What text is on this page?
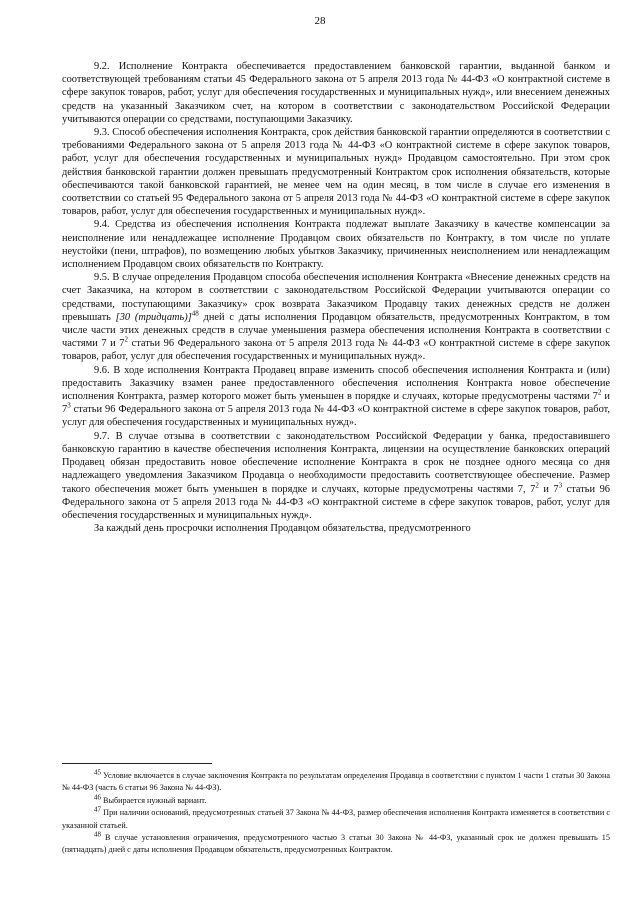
28

9.2. Исполнение Контракта обеспечивается предоставлением банковской гарантии, выданной банком и соответствующей требованиям статьи 45 Федерального закона от 5 апреля 2013 года № 44-ФЗ «О контрактной системе в сфере закупок товаров, работ, услуг для обеспечения государственных и муниципальных нужд», или внесением денежных средств на указанный Заказчиком счет, на котором в соответствии с законодательством Российской Федерации учитываются операции со средствами, поступающими Заказчику.

9.3. Способ обеспечения исполнения Контракта, срок действия банковской гарантии определяются в соответствии с требованиями Федерального закона от 5 апреля 2013 года № 44-ФЗ «О контрактной системе в сфере закупок товаров, работ, услуг для обеспечения государственных и муниципальных нужд» Продавцом самостоятельно. При этом срок действия банковской гарантии должен превышать предусмотренный Контрактом срок исполнения обязательств, которые обеспечиваются такой банковской гарантией, не менее чем на один месяц, в том числе в случае его изменения в соответствии со статьей 95 Федерального закона от 5 апреля 2013 года № 44-ФЗ «О контрактной системе в сфере закупок товаров, работ, услуг для обеспечения государственных и муниципальных нужд».

9.4. Средства из обеспечения исполнения Контракта подлежат выплате Заказчику в качестве компенсации за неисполнение или ненадлежащее исполнение Продавцом своих обязательств по Контракту, в том числе по уплате неустойки (пени, штрафов), по возмещению любых убытков Заказчику, причиненных неисполнением или ненадлежащим исполнением Продавцом своих обязательств по Контракту.

9.5. В случае определения Продавцом способа обеспечения исполнения Контракта «Внесение денежных средств на счет Заказчика, на котором в соответствии с законодательством Российской Федерации учитываются операции со средствами, поступающими Заказчику» срок возврата Заказчиком Продавцу таких денежных средств не должен превышать [30 (тридцать)]$^{48}$ дней с даты исполнения Продавцом обязательств, предусмотренных Контрактом, в том числе части этих денежных средств в случае уменьшения размера обеспечения исполнения Контракта в соответствии с частями 7 и $7^2$ статьи 96 Федерального закона от 5 апреля 2013 года № 44-ФЗ «О контрактной системе в сфере закупок товаров, работ, услуг для обеспечения государственных и муниципальных нужд».

9.6. В ходе исполнения Контракта Продавец вправе изменить способ обеспечения исполнения Контракта и (или) предоставить Заказчику взамен ранее предоставленного обеспечения исполнения Контракта новое обеспечение исполнения Контракта, размер которого может быть уменьшен в порядке и случаях, которые предусмотрены частями $7^2$ и $7^3$ статьи 96 Федерального закона от 5 апреля 2013 года № 44-ФЗ «О контрактной системе в сфере закупок товаров, работ, услуг для обеспечения государственных и муниципальных нужд».

9.7. В случае отзыва в соответствии с законодательством Российской Федерации у банка, предоставившего банковскую гарантию в качестве обеспечения исполнения Контракта, лицензии на осуществление банковских операций Продавец обязан предоставить новое обеспечение исполнение Контракта в срок не позднее одного месяца со дня надлежащего уведомления Заказчиком Продавца о необходимости предоставить соответствующее обеспечение. Размер такого обеспечения может быть уменьшен в порядке и случаях, которые предусмотрены частями 7, $7^2$ и $7^3$ статьи 96 Федерального закона от 5 апреля 2013 года № 44-ФЗ «О контрактной системе в сфере закупок товаров, работ, услуг для обеспечения государственных и муниципальных нужд».

За каждый день просрочки исполнения Продавцом обязательства, предусмотренного

$^{45}$ Условие включается в случае заключения Контракта по результатам определения Продавца в соответствии с пунктом 1 части 1 статьи 30 Закона № 44-ФЗ (часть 6 статьи 96 Закона № 44-ФЗ).

$^{46}$ Выбирается нужный вариант.

$^{47}$ При наличии оснований, предусмотренных статьей 37 Закона № 44-ФЗ, размер обеспечения исполнения Контракта изменяется в соответствии с указанной статьей.

$^{48}$ В случае установления ограничения, предусмотренного частью 3 статьи 30 Закона № 44-ФЗ, указанный срок не должен превышать 15 (пятнадцать) дней с даты исполнения Продавцом обязательств, предусмотренных Контрактом.
